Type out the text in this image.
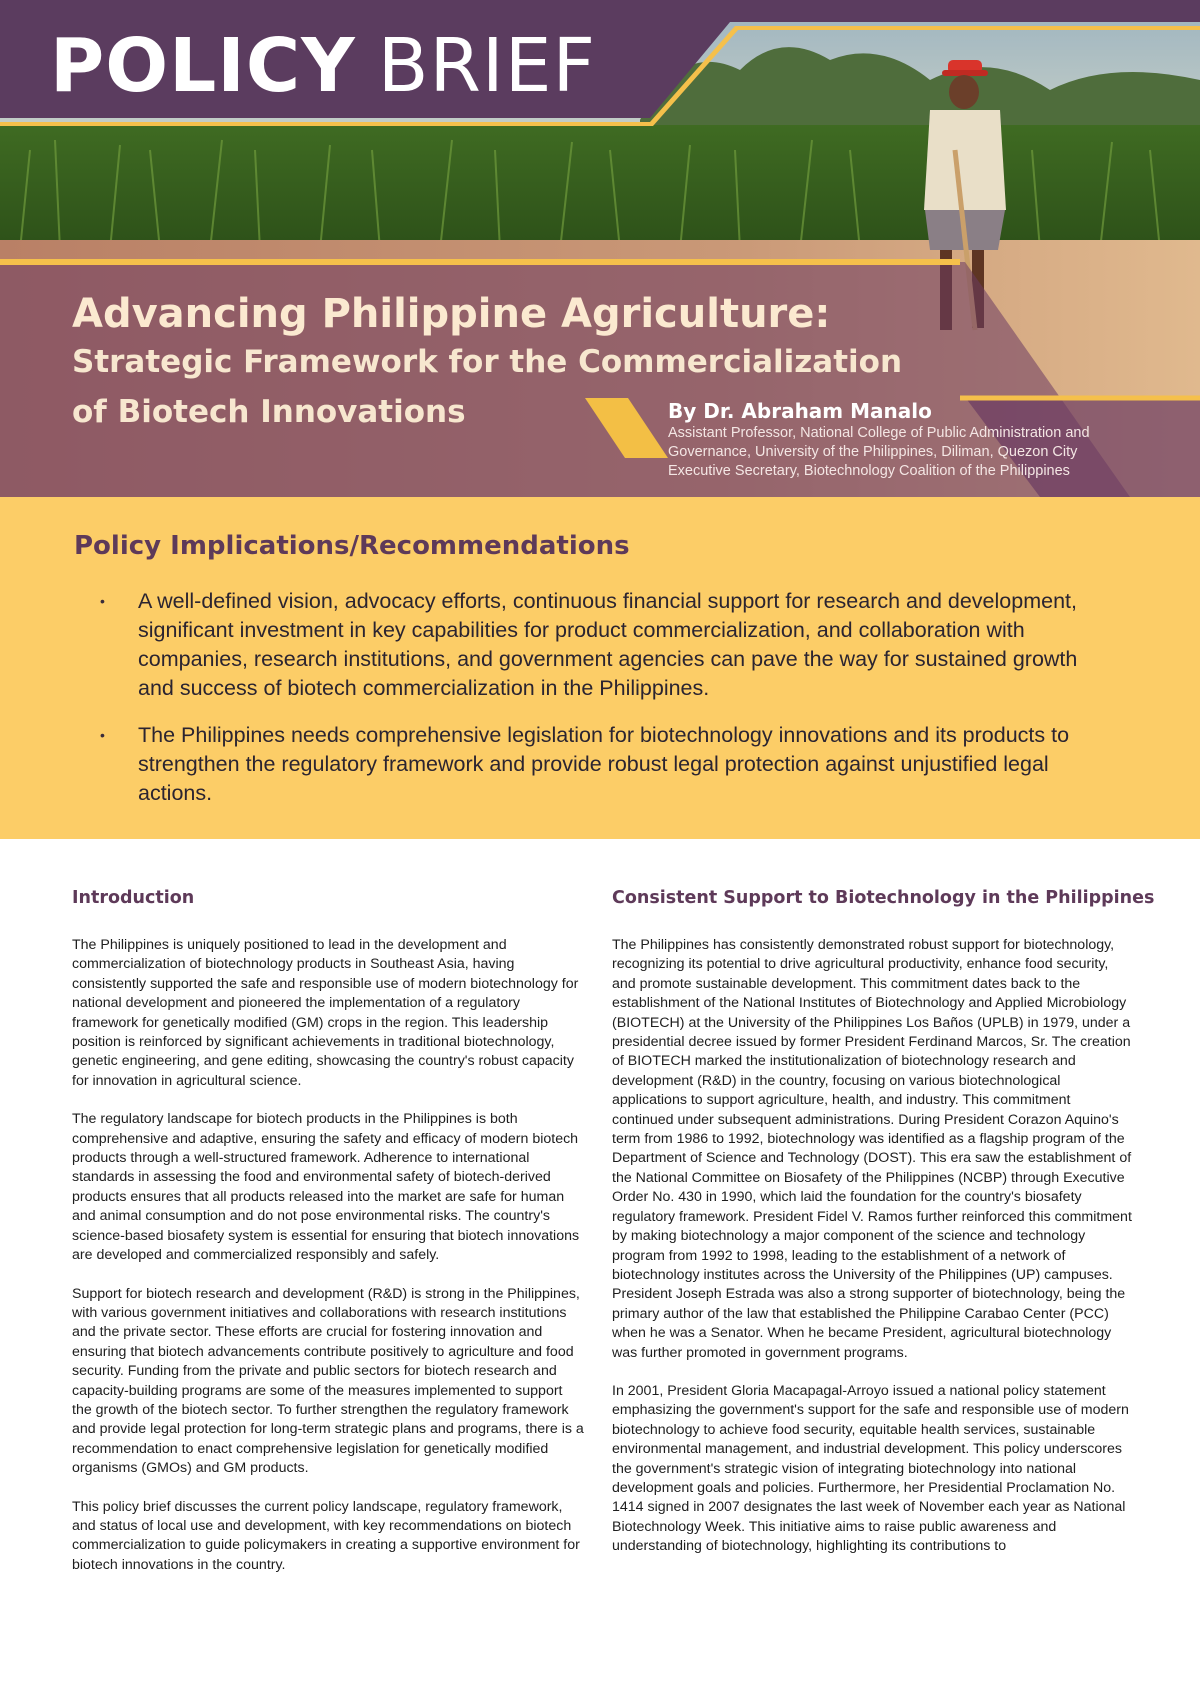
POLICY BRIEF
Advancing Philippine Agriculture:
Strategic Framework for the Commercialization
of Biotech Innovations	By Dr. Abraham Manalo
Assistant Professor, National College of Public Administration and
Governance, University of the Philippines, Diliman, Quezon City
Executive Secretary, Biotechnology Coalition of the Philippines
Policy Implications/Recommendations
• A well-defined vision, advocacy efforts, continuous financial support for research and development, significant investment in key capabilities for product commercialization, and collaboration with companies, research institutions, and government agencies can pave the way for sustained growth and success of biotech commercialization in the Philippines.
• The Philippines needs comprehensive legislation for biotechnology innovations and its products to strengthen the regulatory framework and provide robust legal protection against unjustified legal actions.
Introduction

The Philippines is uniquely positioned to lead in the development and commercialization of biotechnology products in Southeast Asia, having consistently supported the safe and responsible use of modern biotechnology for national development and pioneered the implementation of a regulatory framework for genetically modified (GM) crops in the region. This leadership position is reinforced by significant achievements in traditional biotechnology, genetic engineering, and gene editing, showcasing the country's robust capacity for innovation in agricultural science.

The regulatory landscape for biotech products in the Philippines is both comprehensive and adaptive, ensuring the safety and efficacy of modern biotech products through a well-structured framework. Adherence to international standards in assessing the food and environmental safety of biotech-derived products ensures that all products released into the market are safe for human and animal consumption and do not pose environmental risks. The country's science-based biosafety system is essential for ensuring that biotech innovations are developed and commercialized responsibly and safely.

Support for biotech research and development (R&D) is strong in the Philippines, with various government initiatives and collaborations with research institutions and the private sector. These efforts are crucial for fostering innovation and ensuring that biotech advancements contribute positively to agriculture and food security. Funding from the private and public sectors for biotech research and capacity-building programs are some of the measures implemented to support the growth of the biotech sector. To further strengthen the regulatory framework and provide legal protection for long-term strategic plans and programs, there is a recommendation to enact comprehensive legislation for genetically modified organisms (GMOs) and GM products.

This policy brief discusses the current policy landscape, regulatory framework, and status of local use and development, with key recommendations on biotech commercialization to guide policymakers in creating a supportive environment for biotech innovations in the country.

Consistent Support to Biotechnology in the Philippines

The Philippines has consistently demonstrated robust support for biotechnology, recognizing its potential to drive agricultural productivity, enhance food security, and promote sustainable development. This commitment dates back to the establishment of the National Institutes of Biotechnology and Applied Microbiology (BIOTECH) at the University of the Philippines Los Baños (UPLB) in 1979, under a presidential decree issued by former President Ferdinand Marcos, Sr. The creation of BIOTECH marked the institutionalization of biotechnology research and development (R&D) in the country, focusing on various biotechnological applications to support agriculture, health, and industry. This commitment continued under subsequent administrations. During President Corazon Aquino's term from 1986 to 1992, biotechnology was identified as a flagship program of the Department of Science and Technology (DOST). This era saw the establishment of the National Committee on Biosafety of the Philippines (NCBP) through Executive Order No. 430 in 1990, which laid the foundation for the country's biosafety regulatory framework. President Fidel V. Ramos further reinforced this commitment by making biotechnology a major component of the science and technology program from 1992 to 1998, leading to the establishment of a network of biotechnology institutes across the University of the Philippines (UP) campuses. President Joseph Estrada was also a strong supporter of biotechnology, being the primary author of the law that established the Philippine Carabao Center (PCC) when he was a Senator. When he became President, agricultural biotechnology was further promoted in government programs.

In 2001, President Gloria Macapagal-Arroyo issued a national policy statement emphasizing the government's support for the safe and responsible use of modern biotechnology to achieve food security, equitable health services, sustainable environmental management, and industrial development. This policy underscores the government's strategic vision of integrating biotechnology into national development goals and policies. Furthermore, her Presidential Proclamation No. 1414 signed in 2007 designates the last week of November each year as National Biotechnology Week. This initiative aims to raise public awareness and understanding of biotechnology, highlighting its contributions to
